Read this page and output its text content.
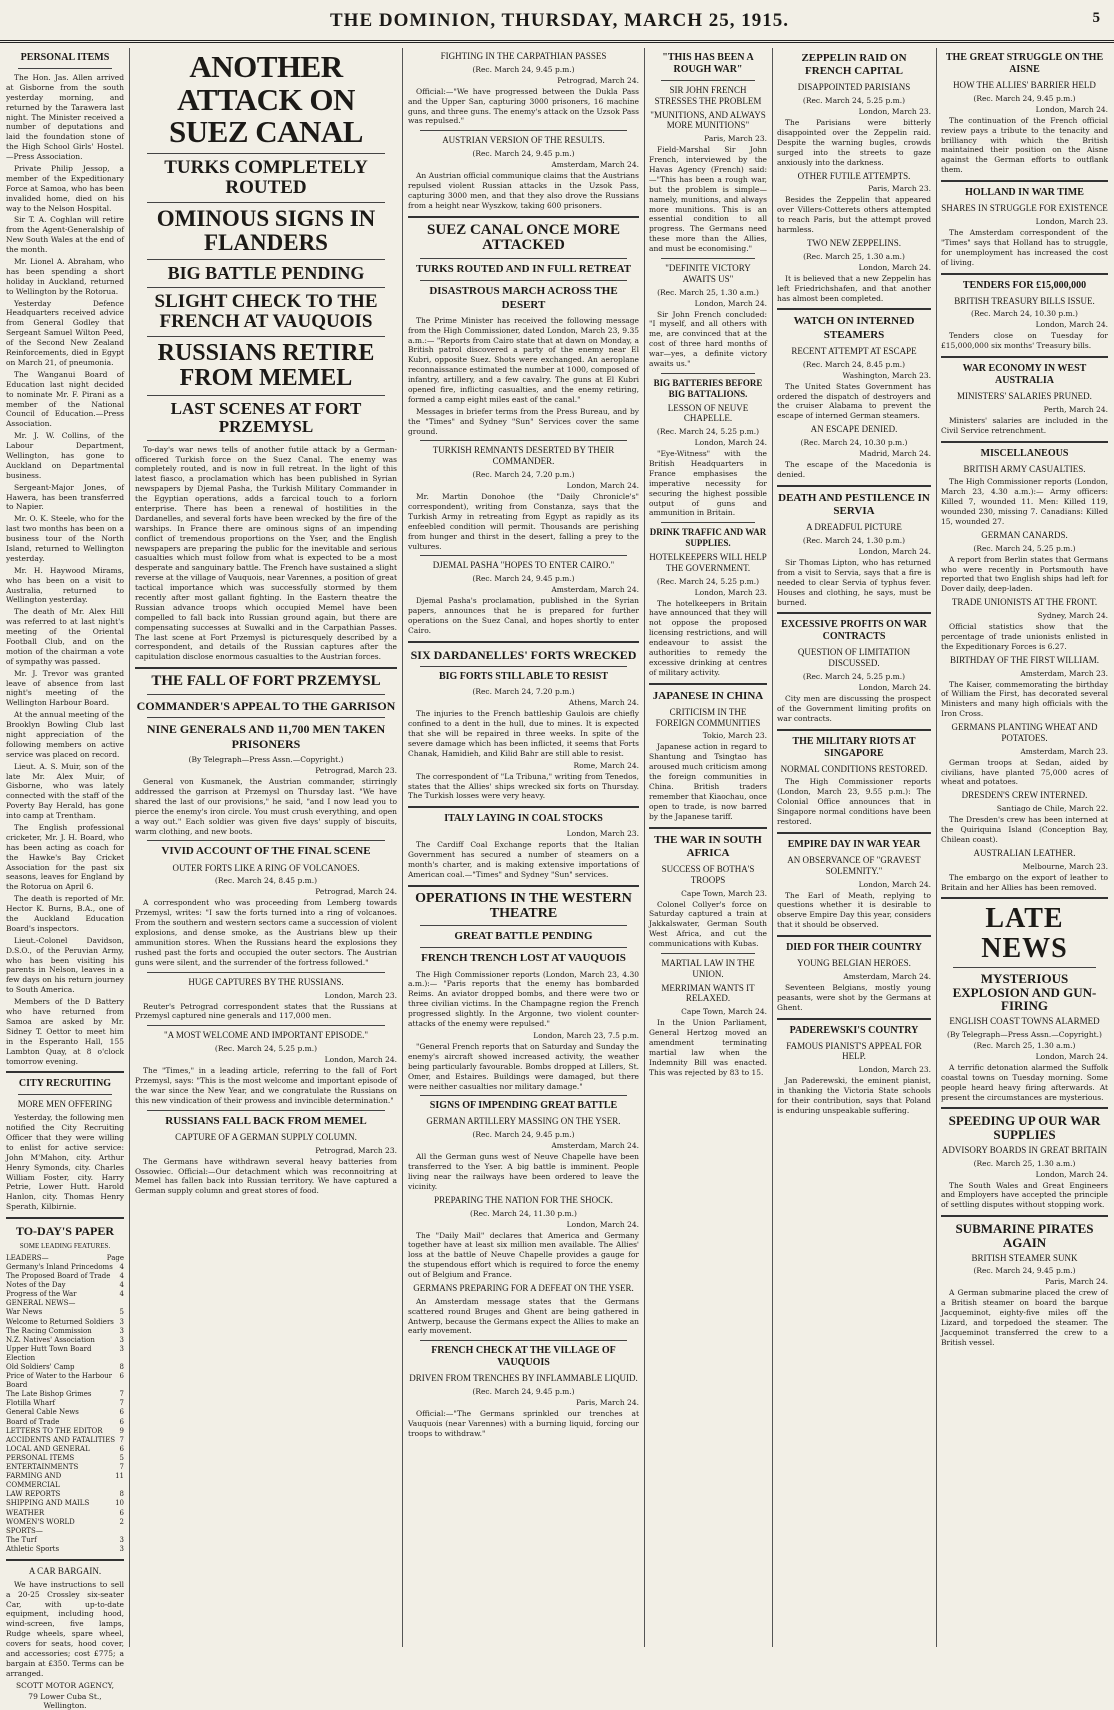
THE DOMINION, THURSDAY, MARCH 25, 1915.	5
PERSONAL ITEMS

The Hon. Jas. Allen arrived at Gisborne from the south yesterday morning, and returned by the Tarawera last night. The Minister received a number of deputations and laid the foundation stone of the High School Girls' Hostel.—Press Association.

Private Philip Jessop, a member of the Expeditionary Force at Samoa, who has been invalided home, died on his way to the Nelson Hospital.

Sir T. A. Coghlan will retire from the Agent-Generalship of New South Wales at the end of the month.

Mr. Lionel A. Abraham, who has been spending a short holiday in Auckland, returned to Wellington by the Rotorua.

Yesterday Defence Headquarters received advice from General Godley that Sergeant Samuel Wilton Peed, of the Second New Zealand Reinforcements, died in Egypt on March 21, of pneumonia.

The Wanganui Board of Education last night decided to nominate Mr. F. Pirani as a member of the National Council of Education.—Press Association.

Mr. J. W. Collins, of the Labour Department, Wellington, has gone to Auckland on Departmental business.

Sergeant-Major Jones, of Hawera, has been transferred to Napier.

Mr. O. K. Steele, who for the last two months has been on a business tour of the North Island, returned to Wellington yesterday.

Mr. H. Haywood Mirams, who has been on a visit to Australia, returned to Wellington yesterday.

The death of Mr. Alex Hill was referred to at last night's meeting of the Oriental Football Club, and on the motion of the chairman a vote of sympathy was passed.

Mr. J. Trevor was granted leave of absence from last night's meeting of the Wellington Harbour Board.

At the annual meeting of the Brooklyn Bowling Club last night appreciation of the following members on active service was placed on record.

Lieut. A. S. Muir, son of the late Mr. Alex Muir, of Gisborne, who was lately connected with the staff of the Poverty Bay Herald, has gone into camp at Trentham.

The English professional cricketer, Mr. J. H. Board, who has been acting as coach for the Hawke's Bay Cricket Association for the past six seasons, leaves for England by the Rotorua on April 6.

The death is reported of Mr. Hector K. Burns, B.A., one of the Auckland Education Board's inspectors.

Lieut.-Colonel Davidson, D.S.O., of the Peruvian Army, who has been visiting his parents in Nelson, leaves in a few days on his return journey to South America.

Members of the D Battery who have returned from Samoa are asked by Mr. Sidney T. Oettor to meet him in the Esperanto Hall, 155 Lambton Quay, at 8 o'clock tomorrow evening.

CITY RECRUITING
MORE MEN OFFERING

Yesterday, the following men notified the City Recruiting Officer that they were willing to enlist for active service: John M'Mahon, city. Arthur Henry Symonds, city. Charles William Foster, city. Harry Petrie, Lower Hutt. Harold Hanlon, city. Thomas Henry Sperath, Kilbirnie.

TO-DAY'S PAPER
SOME LEADING FEATURES.
LEADERS—	Page
Germany's Inland Princedoms 4
The Proposed Board of Trade 4
Notes of the Day	4
Progress of the War	4
GENERAL NEWS—
War News	5
Welcome to Returned Soldiers 3
The Racing Commission	3
N.Z. Natives' Association	3
Upper Hutt Town Board Election
3
Old Soldiers' Camp	8
Price of Water to the Harbour Board
6
The Late Bishop Grimes	7
Flotilla Wharf	7
General Cable News	6
Board of Trade	6
LETTERS TO THE EDITOR 9
ACCIDENTS AND FATALITIES 7
LOCAL AND GENERAL	6
PERSONAL ITEMS	5
ENTERTAINMENTS	7
FARMING AND COMMERCIAL
11
LAW REPORTS	8
SHIPPING AND MAILS	10
WEATHER	6
WOMEN'S WORLD	2
SPORTS—
The Turf	3
Athletic Sports	3
A CAR BARGAIN.

We have instructions to sell a 20-25 Crossley six-seater Car, with up-to-date equipment, including hood, wind-screen, five lamps, Rudge wheels, spare wheel, covers for seats, hood cover, and accessories; cost £775; a bargain at £350. Terms can be arranged.

SCOTT MOTOR AGENCY,
79 Lower Cuba St., Wellington.
ANOTHER ATTACK ON SUEZ CANAL
TURKS COMPLETELY ROUTED
OMINOUS SIGNS IN FLANDERS
BIG BATTLE PENDING
SLIGHT CHECK TO THE FRENCH AT VAUQUOIS
RUSSIANS RETIRE FROM MEMEL
LAST SCENES AT FORT PRZEMYSL

To-day's war news tells of another futile attack by a German-officered Turkish force on the Suez Canal. The enemy was completely routed, and is now in full retreat. In the light of this latest fiasco, a proclamation which has been published in Syrian newspapers by Djemal Pasha, the Turkish Military Commander in the Egyptian operations, adds a farcical touch to a forlorn enterprise. There has been a renewal of hostilities in the Dardanelles, and several forts have been wrecked by the fire of the warships. In France there are ominous signs of an impending conflict of tremendous proportions on the Yser, and the English newspapers are preparing the public for the inevitable and serious casualties which must follow from what is expected to be a most desperate and sanguinary battle. The French have sustained a slight reverse at the village of Vauquois, near Varennes, a position of great tactical importance which was successfully stormed by them recently after most gallant fighting. In the Eastern theatre the Russian advance troops which occupied Memel have been compelled to fall back into Russian ground again, but there are compensating successes at Suwalki and in the Carpathian Passes. The last scene at Fort Przemysl is picturesquely described by a correspondent, and details of the Russian captures after the capitulation disclose enormous casualties to the Austrian forces.

THE FALL OF FORT PRZEMYSL
COMMANDER'S APPEAL TO THE GARRISON
NINE GENERALS AND 11,700 MEN TAKEN PRISONERS
(By Telegraph—Press Assn.—Copyright.)
Petrograd, March 23.

General von Kusmanek, the Austrian commander, stirringly addressed the garrison at Przemysl on Thursday last. "We have shared the last of our provisions," he said, "and I now lead you to pierce the enemy's iron circle. You must crush everything, and open a way out." Each soldier was given five days' supply of biscuits, warm clothing, and new boots.

VIVID ACCOUNT OF THE FINAL SCENE
OUTER FORTS LIKE A RING OF VOLCANOES.
(Rec. March 24, 8.45 p.m.)
Petrograd, March 24.

A correspondent who was proceeding from Lemberg towards Przemysl, writes: "I saw the forts turned into a ring of volcanoes. From the southern and western sectors came a succession of violent explosions, and dense smoke, as the Austrians blew up their ammunition stores. When the Russians heard the explosions they rushed past the forts and occupied the outer sectors. The Austrian guns were silent, and the surrender of the fortress followed."

HUGE CAPTURES BY THE RUSSIANS.
London, March 23.

Reuter's Petrograd correspondent states that the Russians at Przemysl captured nine generals and 117,000 men.

"A MOST WELCOME AND IMPORTANT EPISODE."
(Rec. March 24, 5.25 p.m.)
London, March 24.

The "Times," in a leading article, referring to the fall of Fort Przemysl, says: "This is the most welcome and important episode of the war since the New Year, and we congratulate the Russians on this new vindication of their prowess and invincible determination."

RUSSIANS FALL BACK FROM MEMEL
CAPTURE OF A GERMAN SUPPLY COLUMN.
Petrograd, March 23.

The Germans have withdrawn several heavy batteries from Ossowiec. Official:—Our detachment which was reconnoitring at Memel has fallen back into Russian territory. We have captured a German supply column and great stores of food.

FIGHTING IN THE CARPATHIAN PASSES
(Rec. March 24, 9.45 p.m.)
Petrograd, March 24.

Official:—"We have progressed between the Dukla Pass and the Upper San, capturing 3000 prisoners, 16 machine guns, and three guns. The enemy's attack on the Uzsok Pass was repulsed."

AUSTRIAN VERSION OF THE RESULTS.
(Rec. March 24, 9.45 p.m.)
Amsterdam, March 24.

An Austrian official communique claims that the Austrians repulsed violent Russian attacks in the Uzsok Pass, capturing 3000 men, and that they also drove the Russians from a height near Wyszkow, taking 600 prisoners.

SUEZ CANAL ONCE MORE ATTACKED
TURKS ROUTED AND IN FULL RETREAT
DISASTROUS MARCH ACROSS THE DESERT

The Prime Minister has received the following message from the High Commissioner, dated London, March 23, 9.35 a.m.:— "Reports from Cairo state that at dawn on Monday, a British patrol discovered a party of the enemy near El Kubri, opposite Suez. Shots were exchanged. An aeroplane reconnaissance estimated the number at 1000, composed of infantry, artillery, and a few cavalry. The guns at El Kubri opened fire, inflicting casualties, and the enemy retiring, formed a camp eight miles east of the canal."

Messages in briefer terms from the Press Bureau, and by the "Times" and Sydney "Sun" Services cover the same ground.

TURKISH REMNANTS DESERTED BY THEIR COMMANDER.
(Rec. March 24, 7.20 p.m.)
London, March 24.

Mr. Martin Donohoe (the "Daily Chronicle's" correspondent), writing from Constanza, says that the Turkish Army in retreating from Egypt as rapidly as its enfeebled condition will permit. Thousands are perishing from hunger and thirst in the desert, falling a prey to the vultures.

DJEMAL PASHA "HOPES TO ENTER CAIRO."
(Rec. March 24, 9.45 p.m.)
Amsterdam, March 24.

Djemal Pasha's proclamation, published in the Syrian papers, announces that he is prepared for further operations on the Suez Canal, and hopes shortly to enter Cairo.

SIX DARDANELLES' FORTS WRECKED
BIG FORTS STILL ABLE TO RESIST
(Rec. March 24, 7.20 p.m.)
Athens, March 24.

The injuries to the French battleship Gaulois are chiefly confined to a dent in the hull, due to mines. It is expected that she will be repaired in three weeks. In spite of the severe damage which has been inflicted, it seems that Forts Chanak, Hamidieh, and Kilid Bahr are still able to resist.

Rome, March 24.

The correspondent of "La Tribuna," writing from Tenedos, states that the Allies' ships wrecked six forts on Thursday. The Turkish losses were very heavy.

ITALY LAYING IN COAL STOCKS
London, March 23.

The Cardiff Coal Exchange reports that the Italian Government has secured a number of steamers on a month's charter, and is making extensive importations of American coal.—"Times" and Sydney "Sun" services.

OPERATIONS IN THE WESTERN THEATRE
GREAT BATTLE PENDING
FRENCH TRENCH LOST AT VAUQUOIS

The High Commissioner reports (London, March 23, 4.30 a.m.):— "Paris reports that the enemy has bombarded Reims. An aviator dropped bombs, and there were two or three civilian victims. In the Champagne region the French progressed slightly. In the Argonne, two violent counter-attacks of the enemy were repulsed."

London, March 23, 7.5 p.m.

"General French reports that on Saturday and Sunday the enemy's aircraft showed increased activity, the weather being particularly favourable. Bombs dropped at Lillers, St. Omer, and Estaires. Buildings were damaged, but there were neither casualties nor military damage."

SIGNS OF IMPENDING GREAT BATTLE
GERMAN ARTILLERY MASSING ON THE YSER.
(Rec. March 24, 9.45 p.m.)
Amsterdam, March 24.

All the German guns west of Neuve Chapelle have been transferred to the Yser. A big battle is imminent. People living near the railways have been ordered to leave the vicinity.

PREPARING THE NATION FOR THE SHOCK.
(Rec. March 24, 11.30 p.m.)
London, March 24.

The "Daily Mail" declares that America and Germany together have at least six million men available. The Allies' loss at the battle of Neuve Chapelle provides a gauge for the stupendous effort which is required to force the enemy out of Belgium and France.

GERMANS PREPARING FOR A DEFEAT ON THE YSER.

An Amsterdam message states that the Germans scattered round Bruges and Ghent are being gathered in Antwerp, because the Germans expect the Allies to make an early movement.

FRENCH CHECK AT THE VILLAGE OF VAUQUOIS
DRIVEN FROM TRENCHES BY INFLAMMABLE LIQUID.
(Rec. March 24, 9.45 p.m.)
Paris, March 24.

Official:—"The Germans sprinkled our trenches at Vauquois (near Varennes) with a burning liquid, forcing our troops to withdraw."

"THIS HAS BEEN A ROUGH WAR"
SIR JOHN FRENCH STRESSES THE PROBLEM
"MUNITIONS, AND ALWAYS MORE MUNITIONS"
Paris, March 23.

Field-Marshal Sir John French, interviewed by the Havas Agency (French) said:—"This has been a rough war, but the problem is simple—namely, munitions, and always more munitions. This is an essential condition to all progress. The Germans need these more than the Allies, and must be economising."

"DEFINITE VICTORY AWAITS US"
(Rec. March 25, 1.30 a.m.)
London, March 24.

Sir John French concluded: "I myself, and all others with me, are convinced that at the cost of three hard months of war—yes, a definite victory awaits us."

BIG BATTERIES BEFORE BIG BATTALIONS.
LESSON OF NEUVE CHAPELLE.
(Rec. March 24, 5.25 p.m.)
London, March 24.

"Eye-Witness" with the British Headquarters in France emphasises the imperative necessity for securing the highest possible output of guns and ammunition in Britain.

DRINK TRAFFIC AND WAR SUPPLIES.
HOTELKEEPERS WILL HELP THE GOVERNMENT.
(Rec. March 24, 5.25 p.m.)
London, March 23.

The hotelkeepers in Britain have announced that they will not oppose the proposed licensing restrictions, and will endeavour to assist the authorities to remedy the excessive drinking at centres of military activity.

JAPANESE IN CHINA
CRITICISM IN THE FOREIGN COMMUNITIES
Tokio, March 23.

Japanese action in regard to Shantung and Tsingtao has aroused much criticism among the foreign communities in China. British traders remember that Kiaochau, once open to trade, is now barred by the Japanese tariff.

THE WAR IN SOUTH AFRICA
SUCCESS OF BOTHA'S TROOPS
Cape Town, March 23.

Colonel Collyer's force on Saturday captured a train at Jakkalswater, German South West Africa, and cut the communications with Kubas.

MARTIAL LAW IN THE UNION.
MERRIMAN WANTS IT RELAXED.
Cape Town, March 24.

In the Union Parliament, General Hertzog moved an amendment terminating martial law when the Indemnity Bill was enacted. This was rejected by 83 to 15.

ZEPPELIN RAID ON FRENCH CAPITAL
DISAPPOINTED PARISIANS
(Rec. March 24, 5.25 p.m.)
London, March 23.

The Parisians were bitterly disappointed over the Zeppelin raid. Despite the warning bugles, crowds surged into the streets to gaze anxiously into the darkness.

OTHER FUTILE ATTEMPTS.
Paris, March 23.

Besides the Zeppelin that appeared over Villers-Cotterets others attempted to reach Paris, but the attempt proved harmless.

TWO NEW ZEPPELINS.
(Rec. March 25, 1.30 a.m.)
London, March 24.

It is believed that a new Zeppelin has left Friedrichshafen, and that another has almost been completed.

WATCH ON INTERNED STEAMERS
RECENT ATTEMPT AT ESCAPE
(Rec. March 24, 8.45 p.m.)
Washington, March 23.

The United States Government has ordered the dispatch of destroyers and the cruiser Alabama to prevent the escape of interned German steamers.

AN ESCAPE DENIED.
(Rec. March 24, 10.30 p.m.)
Madrid, March 24.

The escape of the Macedonia is denied.

DEATH AND PESTILENCE IN SERVIA
A DREADFUL PICTURE
(Rec. March 24, 1.30 p.m.)
London, March 24.

Sir Thomas Lipton, who has returned from a visit to Servia, says that a fire is needed to clear Servia of typhus fever. Houses and clothing, he says, must be burned.

EXCESSIVE PROFITS ON WAR CONTRACTS
QUESTION OF LIMITATION DISCUSSED.
(Rec. March 24, 5.25 p.m.)
London, March 24.

City men are discussing the prospect of the Government limiting profits on war contracts.

THE MILITARY RIOTS AT SINGAPORE
NORMAL CONDITIONS RESTORED.

The High Commissioner reports (London, March 23, 9.55 p.m.): The Colonial Office announces that in Singapore normal conditions have been restored.

EMPIRE DAY IN WAR YEAR
AN OBSERVANCE OF "GRAVEST SOLEMNITY."
London, March 24.

The Earl of Meath, replying to questions whether it is desirable to observe Empire Day this year, considers that it should be observed.

DIED FOR THEIR COUNTRY
YOUNG BELGIAN HEROES.
Amsterdam, March 24.

Seventeen Belgians, mostly young peasants, were shot by the Germans at Ghent.

PADEREWSKI'S COUNTRY
FAMOUS PIANIST'S APPEAL FOR HELP.
London, March 23.

Jan Paderewski, the eminent pianist, in thanking the Victoria State schools for their contribution, says that Poland is enduring unspeakable suffering.

THE GREAT STRUGGLE ON THE AISNE
HOW THE ALLIES' BARRIER HELD
(Rec. March 24, 9.45 p.m.)
London, March 24.

The continuation of the French official review pays a tribute to the tenacity and brilliancy with which the British maintained their position on the Aisne against the German efforts to outflank them.

HOLLAND IN WAR TIME
SHARES IN STRUGGLE FOR EXISTENCE
London, March 23.

The Amsterdam correspondent of the "Times" says that Holland has to struggle, for unemployment has increased the cost of living.

TENDERS FOR £15,000,000
BRITISH TREASURY BILLS ISSUE.
(Rec. March 24, 10.30 p.m.)
London, March 24.

Tenders close on Tuesday for £15,000,000 six months' Treasury bills.

WAR ECONOMY IN WEST AUSTRALIA
MINISTERS' SALARIES PRUNED.
Perth, March 24.

Ministers' salaries are included in the Civil Service retrenchment.

MISCELLANEOUS
BRITISH ARMY CASUALTIES.

The High Commissioner reports (London, March 23, 4.30 a.m.):— Army officers: Killed 7, wounded 11. Men: Killed 119, wounded 230, missing 7. Canadians: Killed 15, wounded 27.

GERMAN CANARDS.
(Rec. March 24, 5.25 p.m.)

A report from Berlin states that Germans who were recently in Portsmouth have reported that two English ships had left for Dover daily, deep-laden.

TRADE UNIONISTS AT THE FRONT.
Sydney, March 24.

Official statistics show that the percentage of trade unionists enlisted in the Expeditionary Forces is 6.27.

BIRTHDAY OF THE FIRST WILLIAM.
Amsterdam, March 23.

The Kaiser, commemorating the birthday of William the First, has decorated several Ministers and many high officials with the Iron Cross.

GERMANS PLANTING WHEAT AND POTATOES.
Amsterdam, March 23.

German troops at Sedan, aided by civilians, have planted 75,000 acres of wheat and potatoes.

DRESDEN'S CREW INTERNED.
Santiago de Chile, March 22.

The Dresden's crew has been interned at the Quiriquina Island (Conception Bay, Chilean coast).

AUSTRALIAN LEATHER.
Melbourne, March 23.

The embargo on the export of leather to Britain and her Allies has been removed.

LATE NEWS
MYSTERIOUS EXPLOSION AND GUN-FIRING
ENGLISH COAST TOWNS ALARMED
(By Telegraph—Press Assn.—Copyright.)
(Rec. March 25, 1.30 a.m.)
London, March 24.

A terrific detonation alarmed the Suffolk coastal towns on Tuesday morning. Some people heard heavy firing afterwards. At present the circumstances are mysterious.

SPEEDING UP OUR WAR SUPPLIES
ADVISORY BOARDS IN GREAT BRITAIN
(Rec. March 25, 1.30 a.m.)
London, March 24.

The South Wales and Great Engineers and Employers have accepted the principle of settling disputes without stopping work.

SUBMARINE PIRATES AGAIN
BRITISH STEAMER SUNK
(Rec. March 24, 9.45 p.m.)
Paris, March 24.

A German submarine placed the crew of a British steamer on board the barque Jacqueminot, eighty-five miles off the Lizard, and torpedoed the steamer. The Jacqueminot transferred the crew to a British vessel.
